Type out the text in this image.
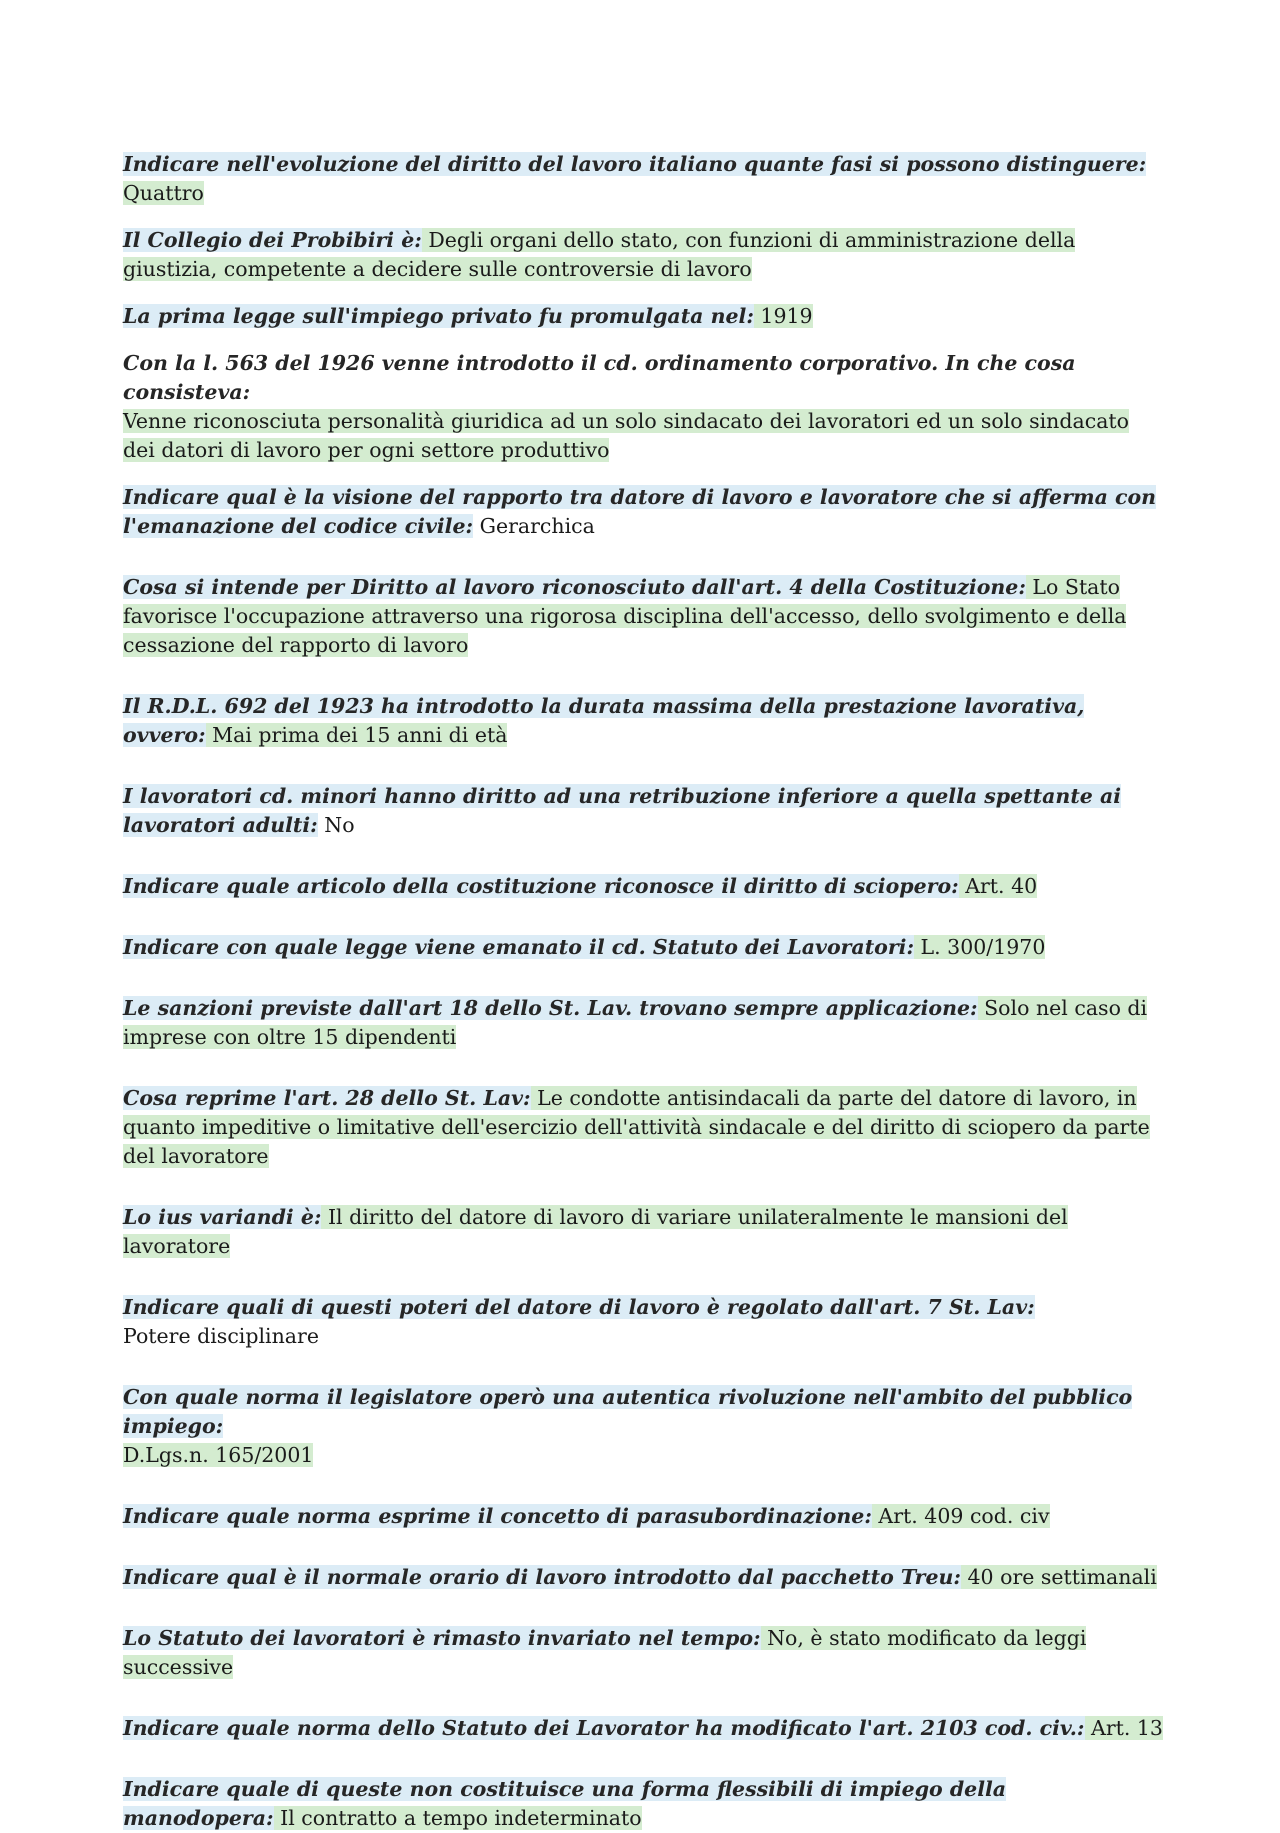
Indicare nell'evoluzione del diritto del lavoro italiano quante fasi si possono distinguere: Quattro

Il Collegio dei Probibiri è: Degli organi dello stato, con funzioni di amministrazione della giustizia, competente a decidere sulle controversie di lavoro

La prima legge sull'impiego privato fu promulgata nel: 1919

Con la l. 563 del 1926 venne introdotto il cd. ordinamento corporativo. In che cosa consisteva:
Venne riconosciuta personalità giuridica ad un solo sindacato dei lavoratori ed un solo sindacato dei datori di lavoro per ogni settore produttivo

Indicare qual è la visione del rapporto tra datore di lavoro e lavoratore che si afferma con l'emanazione del codice civile: Gerarchica

Cosa si intende per Diritto al lavoro riconosciuto dall'art. 4 della Costituzione: Lo Stato favorisce l'occupazione attraverso una rigorosa disciplina dell'accesso, dello svolgimento e della cessazione del rapporto di lavoro

Il R.D.L. 692 del 1923 ha introdotto la durata massima della prestazione lavorativa, ovvero: Mai prima dei 15 anni di età

I lavoratori cd. minori hanno diritto ad una retribuzione inferiore a quella spettante ai lavoratori adulti: No

Indicare quale articolo della costituzione riconosce il diritto di sciopero: Art. 40

Indicare con quale legge viene emanato il cd. Statuto dei Lavoratori: L. 300/1970

Le sanzioni previste dall'art 18 dello St. Lav. trovano sempre applicazione: Solo nel caso di imprese con oltre 15 dipendenti

Cosa reprime l'art. 28 dello St. Lav: Le condotte antisindacali da parte del datore di lavoro, in quanto impeditive o limitative dell'esercizio dell'attività sindacale e del diritto di sciopero da parte del lavoratore

Lo ius variandi è: Il diritto del datore di lavoro di variare unilateralmente le mansioni del lavoratore

Indicare quali di questi poteri del datore di lavoro è regolato dall'art. 7 St. Lav:
Potere disciplinare

Con quale norma il legislatore operò una autentica rivoluzione nell'ambito del pubblico impiego:
D.Lgs.n. 165/2001

Indicare quale norma esprime il concetto di parasubordinazione: Art. 409 cod. civ

Indicare qual è il normale orario di lavoro introdotto dal pacchetto Treu: 40 ore settimanali

Lo Statuto dei lavoratori è rimasto invariato nel tempo: No, è stato modificato da leggi successive

Indicare quale norma dello Statuto dei Lavorator ha modificato l'art. 2103 cod. civ.: Art. 13

Indicare quale di queste non costituisce una forma flessibili di impiego della manodopera: Il contratto a tempo indeterminato
